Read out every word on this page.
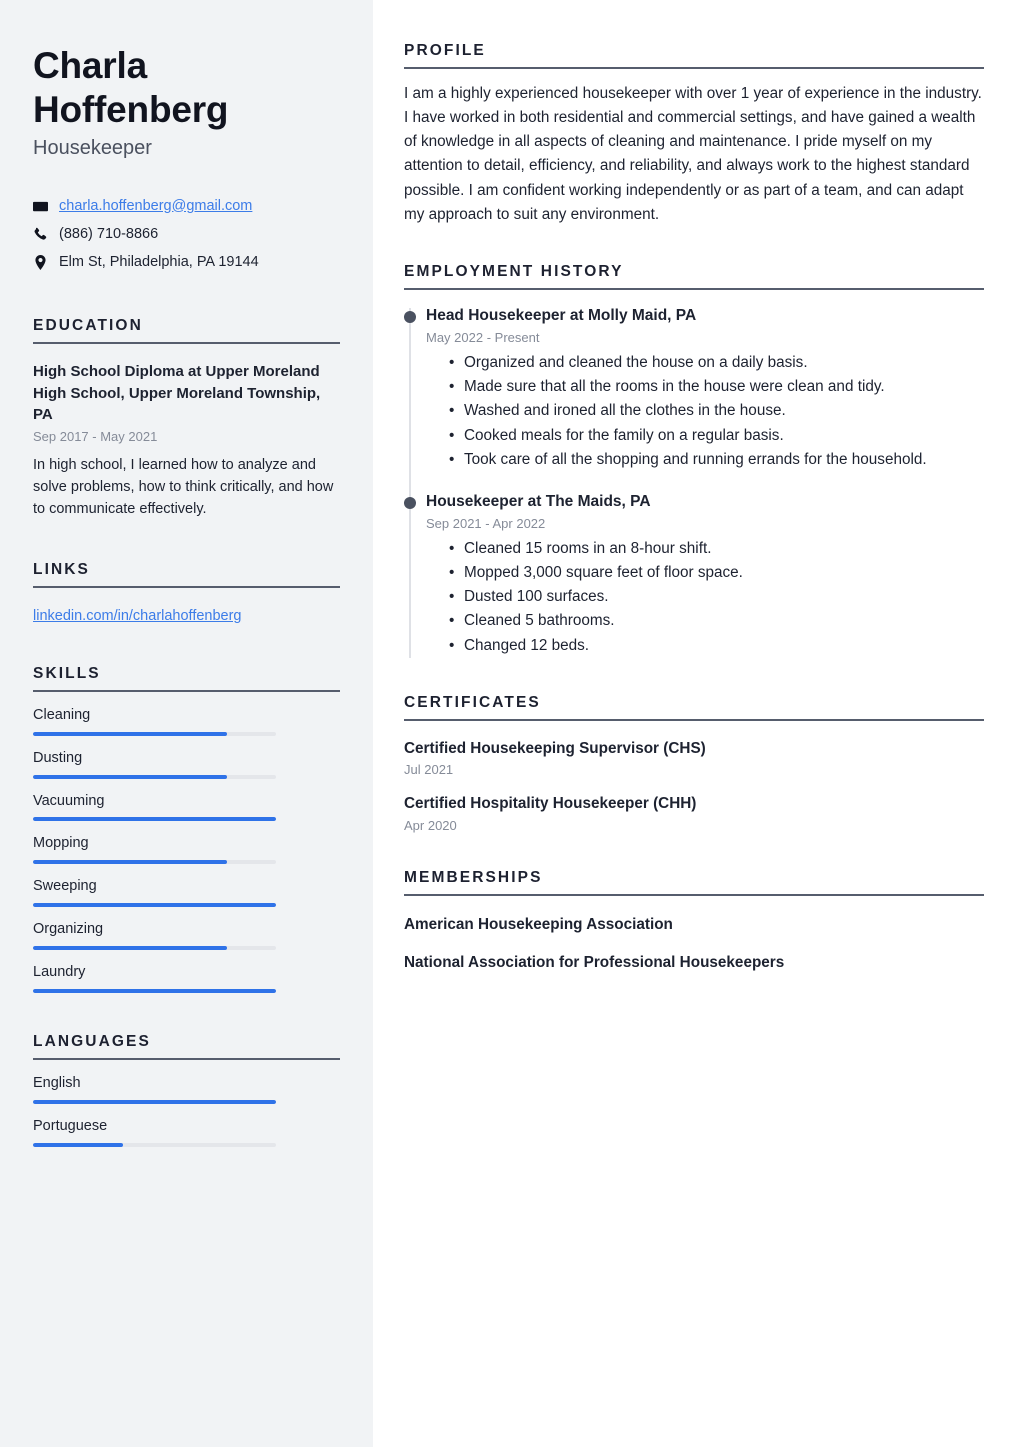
Charla Hoffenberg
Housekeeper
charla.hoffenberg@gmail.com
(886) 710-8866
Elm St, Philadelphia, PA 19144
EDUCATION
High School Diploma at Upper Moreland High School, Upper Moreland Township, PA
Sep 2017 - May 2021
In high school, I learned how to analyze and solve problems, how to think critically, and how to communicate effectively.
LINKS
linkedin.com/in/charlahoffenberg
SKILLS
Cleaning
Dusting
Vacuuming
Mopping
Sweeping
Organizing
Laundry
LANGUAGES
English
Portuguese
PROFILE

I am a highly experienced housekeeper with over 1 year of experience in the industry. I have worked in both residential and commercial settings, and have gained a wealth of knowledge in all aspects of cleaning and maintenance. I pride myself on my attention to detail, efficiency, and reliability, and always work to the highest standard possible. I am confident working independently or as part of a team, and can adapt my approach to suit any environment.

EMPLOYMENT HISTORY
Head Housekeeper at Molly Maid, PA
May 2022 - Present
• Organized and cleaned the house on a daily basis.
• Made sure that all the rooms in the house were clean and tidy.
• Washed and ironed all the clothes in the house.
• Cooked meals for the family on a regular basis.
• Took care of all the shopping and running errands for the household.
Housekeeper at The Maids, PA
Sep 2021 - Apr 2022
• Cleaned 15 rooms in an 8-hour shift.
• Mopped 3,000 square feet of floor space.
• Dusted 100 surfaces.
• Cleaned 5 bathrooms.
• Changed 12 beds.
CERTIFICATES
Certified Housekeeping Supervisor (CHS)
Jul 2021
Certified Hospitality Housekeeper (CHH)
Apr 2020
MEMBERSHIPS
American Housekeeping Association
National Association for Professional Housekeepers
